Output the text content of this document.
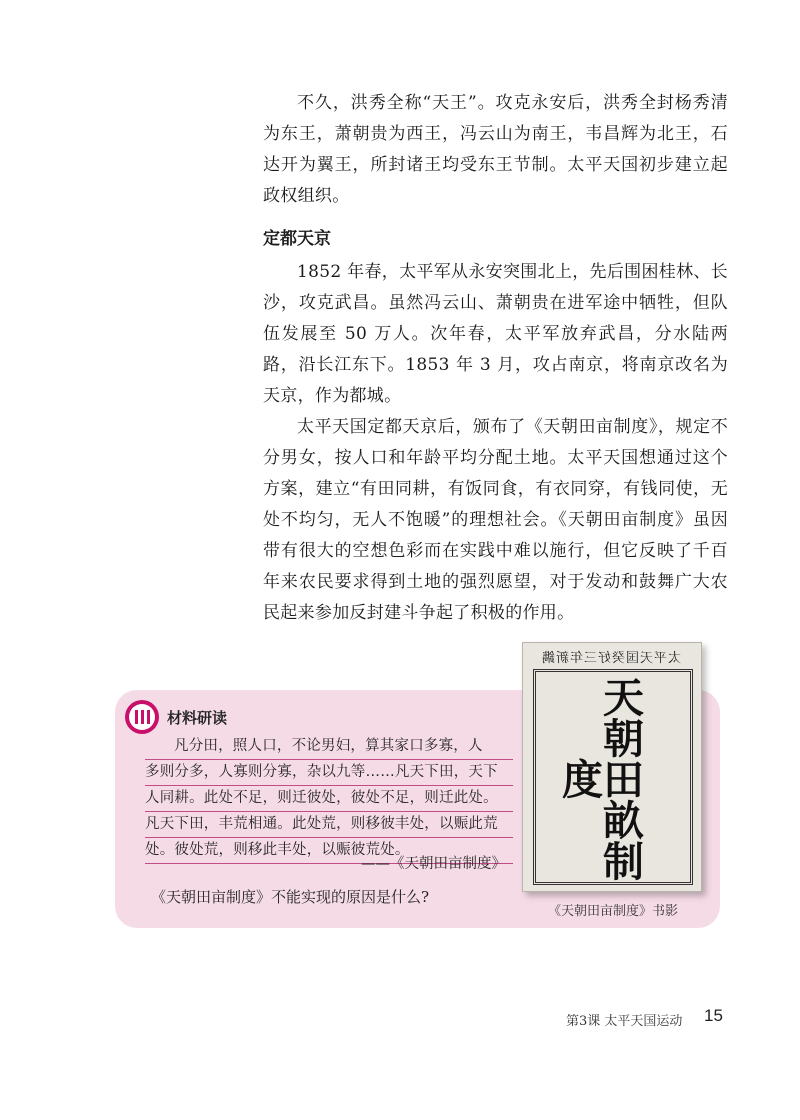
不久，洪秀全称“天王”。攻克永安后，洪秀全封杨秀清为东王，萧朝贵为西王，冯云山为南王，韦昌辉为北王，石达开为翼王，所封诸王均受东王节制。太平天国初步建立起政权组织。

定都天京

1852 年春，太平军从永安突围北上，先后围困桂林、长沙，攻克武昌。虽然冯云山、萧朝贵在进军途中牺牲，但队伍发展至 50 万人。次年春，太平军放弃武昌，分水陆两路，沿长江东下。1853 年 3 月，攻占南京，将南京改名为天京，作为都城。

太平天国定都天京后，颁布了《天朝田亩制度》，规定不分男女，按人口和年龄平均分配土地。太平天国想通过这个方案，建立“有田同耕，有饭同食，有衣同穿，有钱同使，无处不均匀，无人不饱暖”的理想社会。《天朝田亩制度》虽因带有很大的空想色彩而在实践中难以施行，但它反映了千百年来农民要求得到土地的强烈愿望，对于发动和鼓舞广大农民起来参加反封建斗争起了积极的作用。

材料研读
凡分田，照人口，不论男妇，算其家口多寡，人
多则分多，人寡则分寡，杂以九等……凡天下田，天下
人同耕。此处不足，则迁彼处，彼处不足，则迁此处。
凡天下田，丰荒相通。此处荒，则移彼丰处，以赈此荒
处。彼处荒，则移此丰处，以赈彼荒处。
——《天朝田亩制度》
《天朝田亩制度》不能实现的原因是什么?
太平天国癸好三年新鐫
天朝田畝制度
《天朝田亩制度》书影
第3课 太平天国运动 15
